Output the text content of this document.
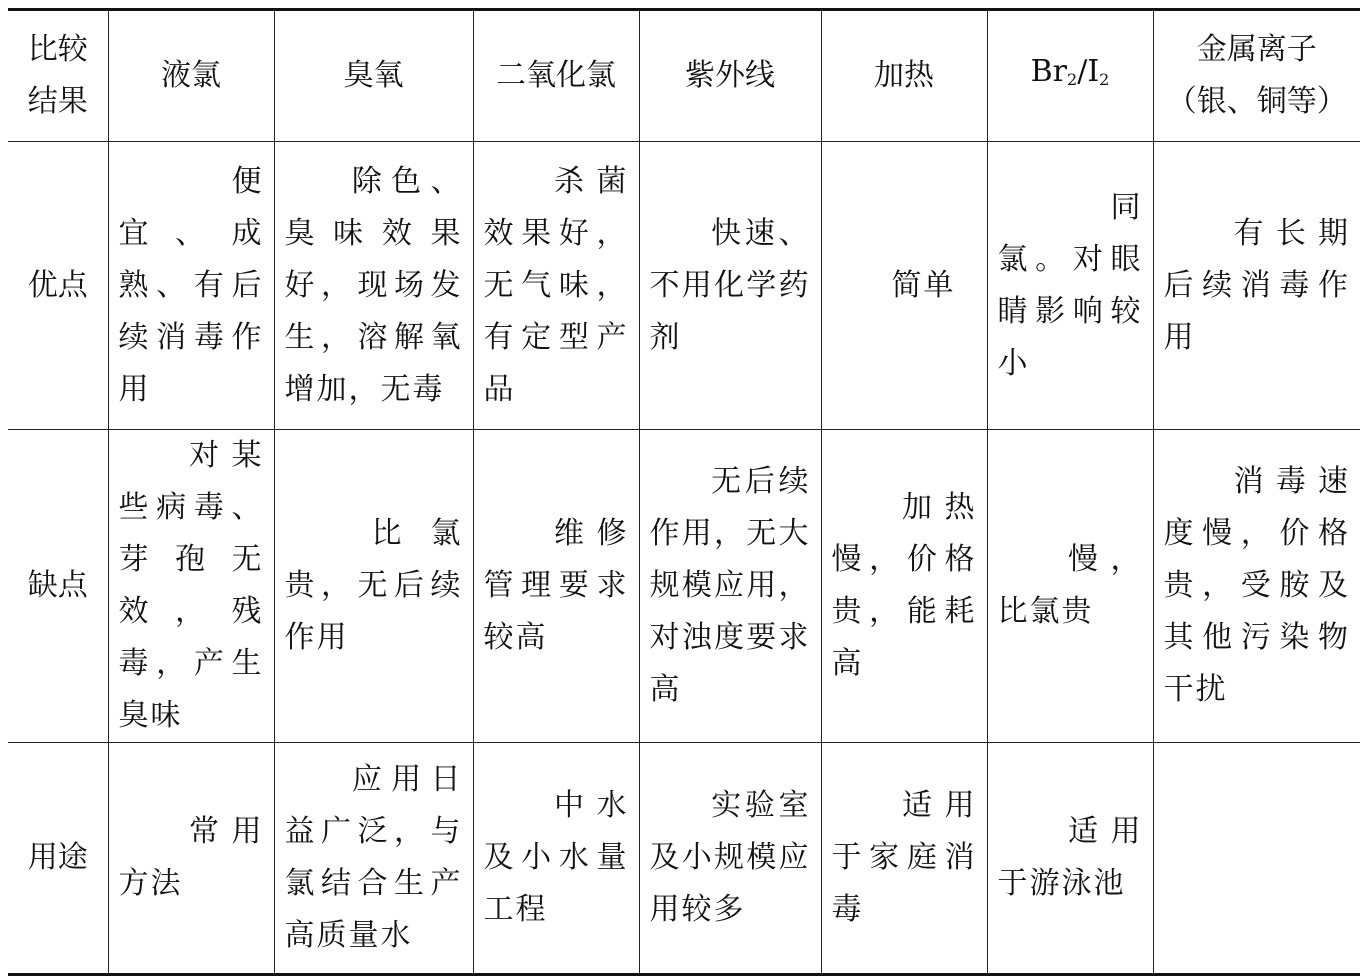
比较结果	液氯	臭氧	二氧化氯	紫外线	加热	$Br_2/I_2$	金属离子
（银、铜等）
优点	便宜、成熟、有后续消毒作用	除色、臭味效果好，现场发生，溶解氧增加，无毒	杀菌效果好，无气味，有定型产品	快速、不用化学药剂	简单	同氯。对眼睛影响较小	有长期后续消毒作用
缺点	对某些病毒、芽孢无效，残毒，产生臭味	比氯贵，无后续作用	维修管理要求较高	无后续作用，无大规模应用，对浊度要求高	加热慢，价格贵，能耗高	慢，比氯贵	消毒速度慢，价格贵，受胺及其他污染物干扰
用途	常用方法	应用日益广泛，与氯结合生产高质量水	中水及小水量工程	实验室及小规模应用较多	适用于家庭消毒	适用于游泳池	
